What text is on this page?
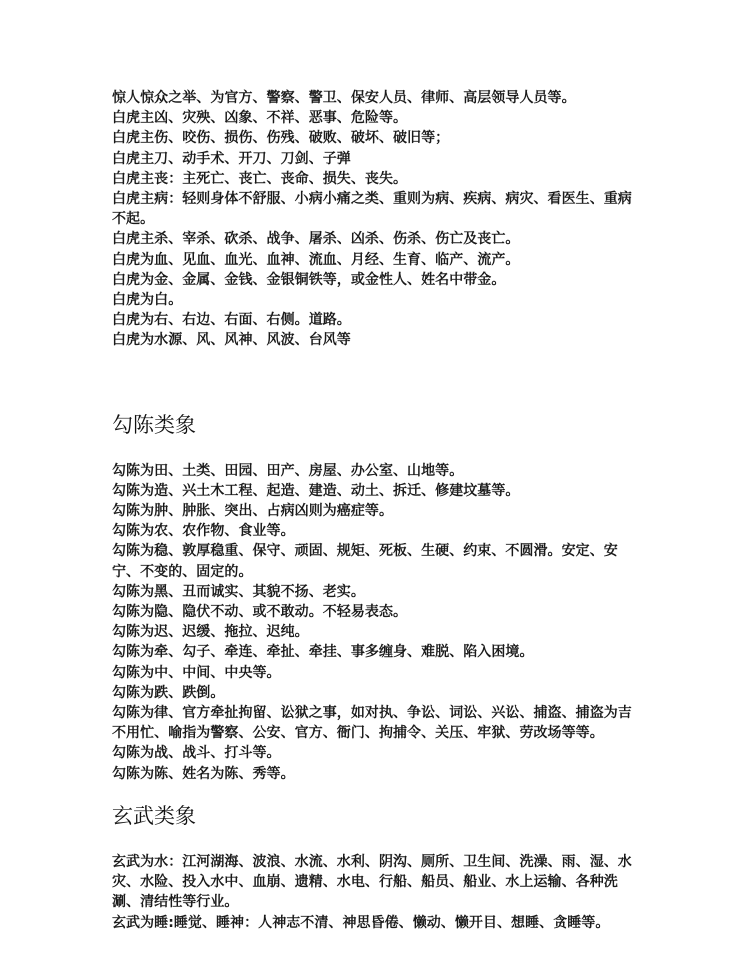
惊人惊众之举、为官方、警察、警卫、保安人员、律师、高层领导人员等。

白虎主凶、灾殃、凶象、不祥、恶事、危险等。

白虎主伤、咬伤、损伤、伤残、破败、破坏、破旧等；

白虎主刀、动手术、开刀、刀剑、子弹

白虎主丧：主死亡、丧亡、丧命、损失、丧失。

白虎主病：轻则身体不舒服、小病小痛之类、重则为病、疾病、病灾、看医生、重病不起。

白虎主杀、宰杀、砍杀、战争、屠杀、凶杀、伤杀、伤亡及丧亡。

白虎为血、见血、血光、血神、流血、月经、生育、临产、流产。

白虎为金、金属、金钱、金银铜铁等，或金性人、姓名中带金。

白虎为白。

白虎为右、右边、右面、右侧。道路。

白虎为水源、风、风神、风波、台风等

勾陈类象

勾陈为田、土类、田园、田产、房屋、办公室、山地等。

勾陈为造、兴土木工程、起造、建造、动土、拆迁、修建坟墓等。

勾陈为肿、肿胀、突出、占病凶则为癌症等。

勾陈为农、农作物、食业等。

勾陈为稳、敦厚稳重、保守、顽固、规矩、死板、生硬、约束、不圆滑。安定、安宁、不变的、固定的。

勾陈为黑、丑而诚实、其貌不扬、老实。

勾陈为隐、隐伏不动、或不敢动。不轻易表态。

勾陈为迟、迟缓、拖拉、迟纯。

勾陈为牵、勾子、牵连、牵扯、牵挂、事多缠身、难脱、陷入困境。

勾陈为中、中间、中央等。

勾陈为跌、跌倒。

勾陈为律、官方牵扯拘留、讼狱之事，如对执、争讼、词讼、兴讼、捕盗、捕盗为吉不用忙、喻指为警察、公安、官方、衙门、拘捕令、关压、牢狱、劳改场等等。

勾陈为战、战斗、打斗等。

勾陈为陈、姓名为陈、秀等。

玄武类象

玄武为水：江河湖海、波浪、水流、水利、阴沟、厕所、卫生间、洗澡、雨、湿、水灾、水险、投入水中、血崩、遗精、水电、行船、船员、船业、水上运输、各种洗涮、清结性等行业。

玄武为睡:睡觉、睡神：人神志不清、神思昏倦、懒动、懒开目、想睡、贪睡等。
